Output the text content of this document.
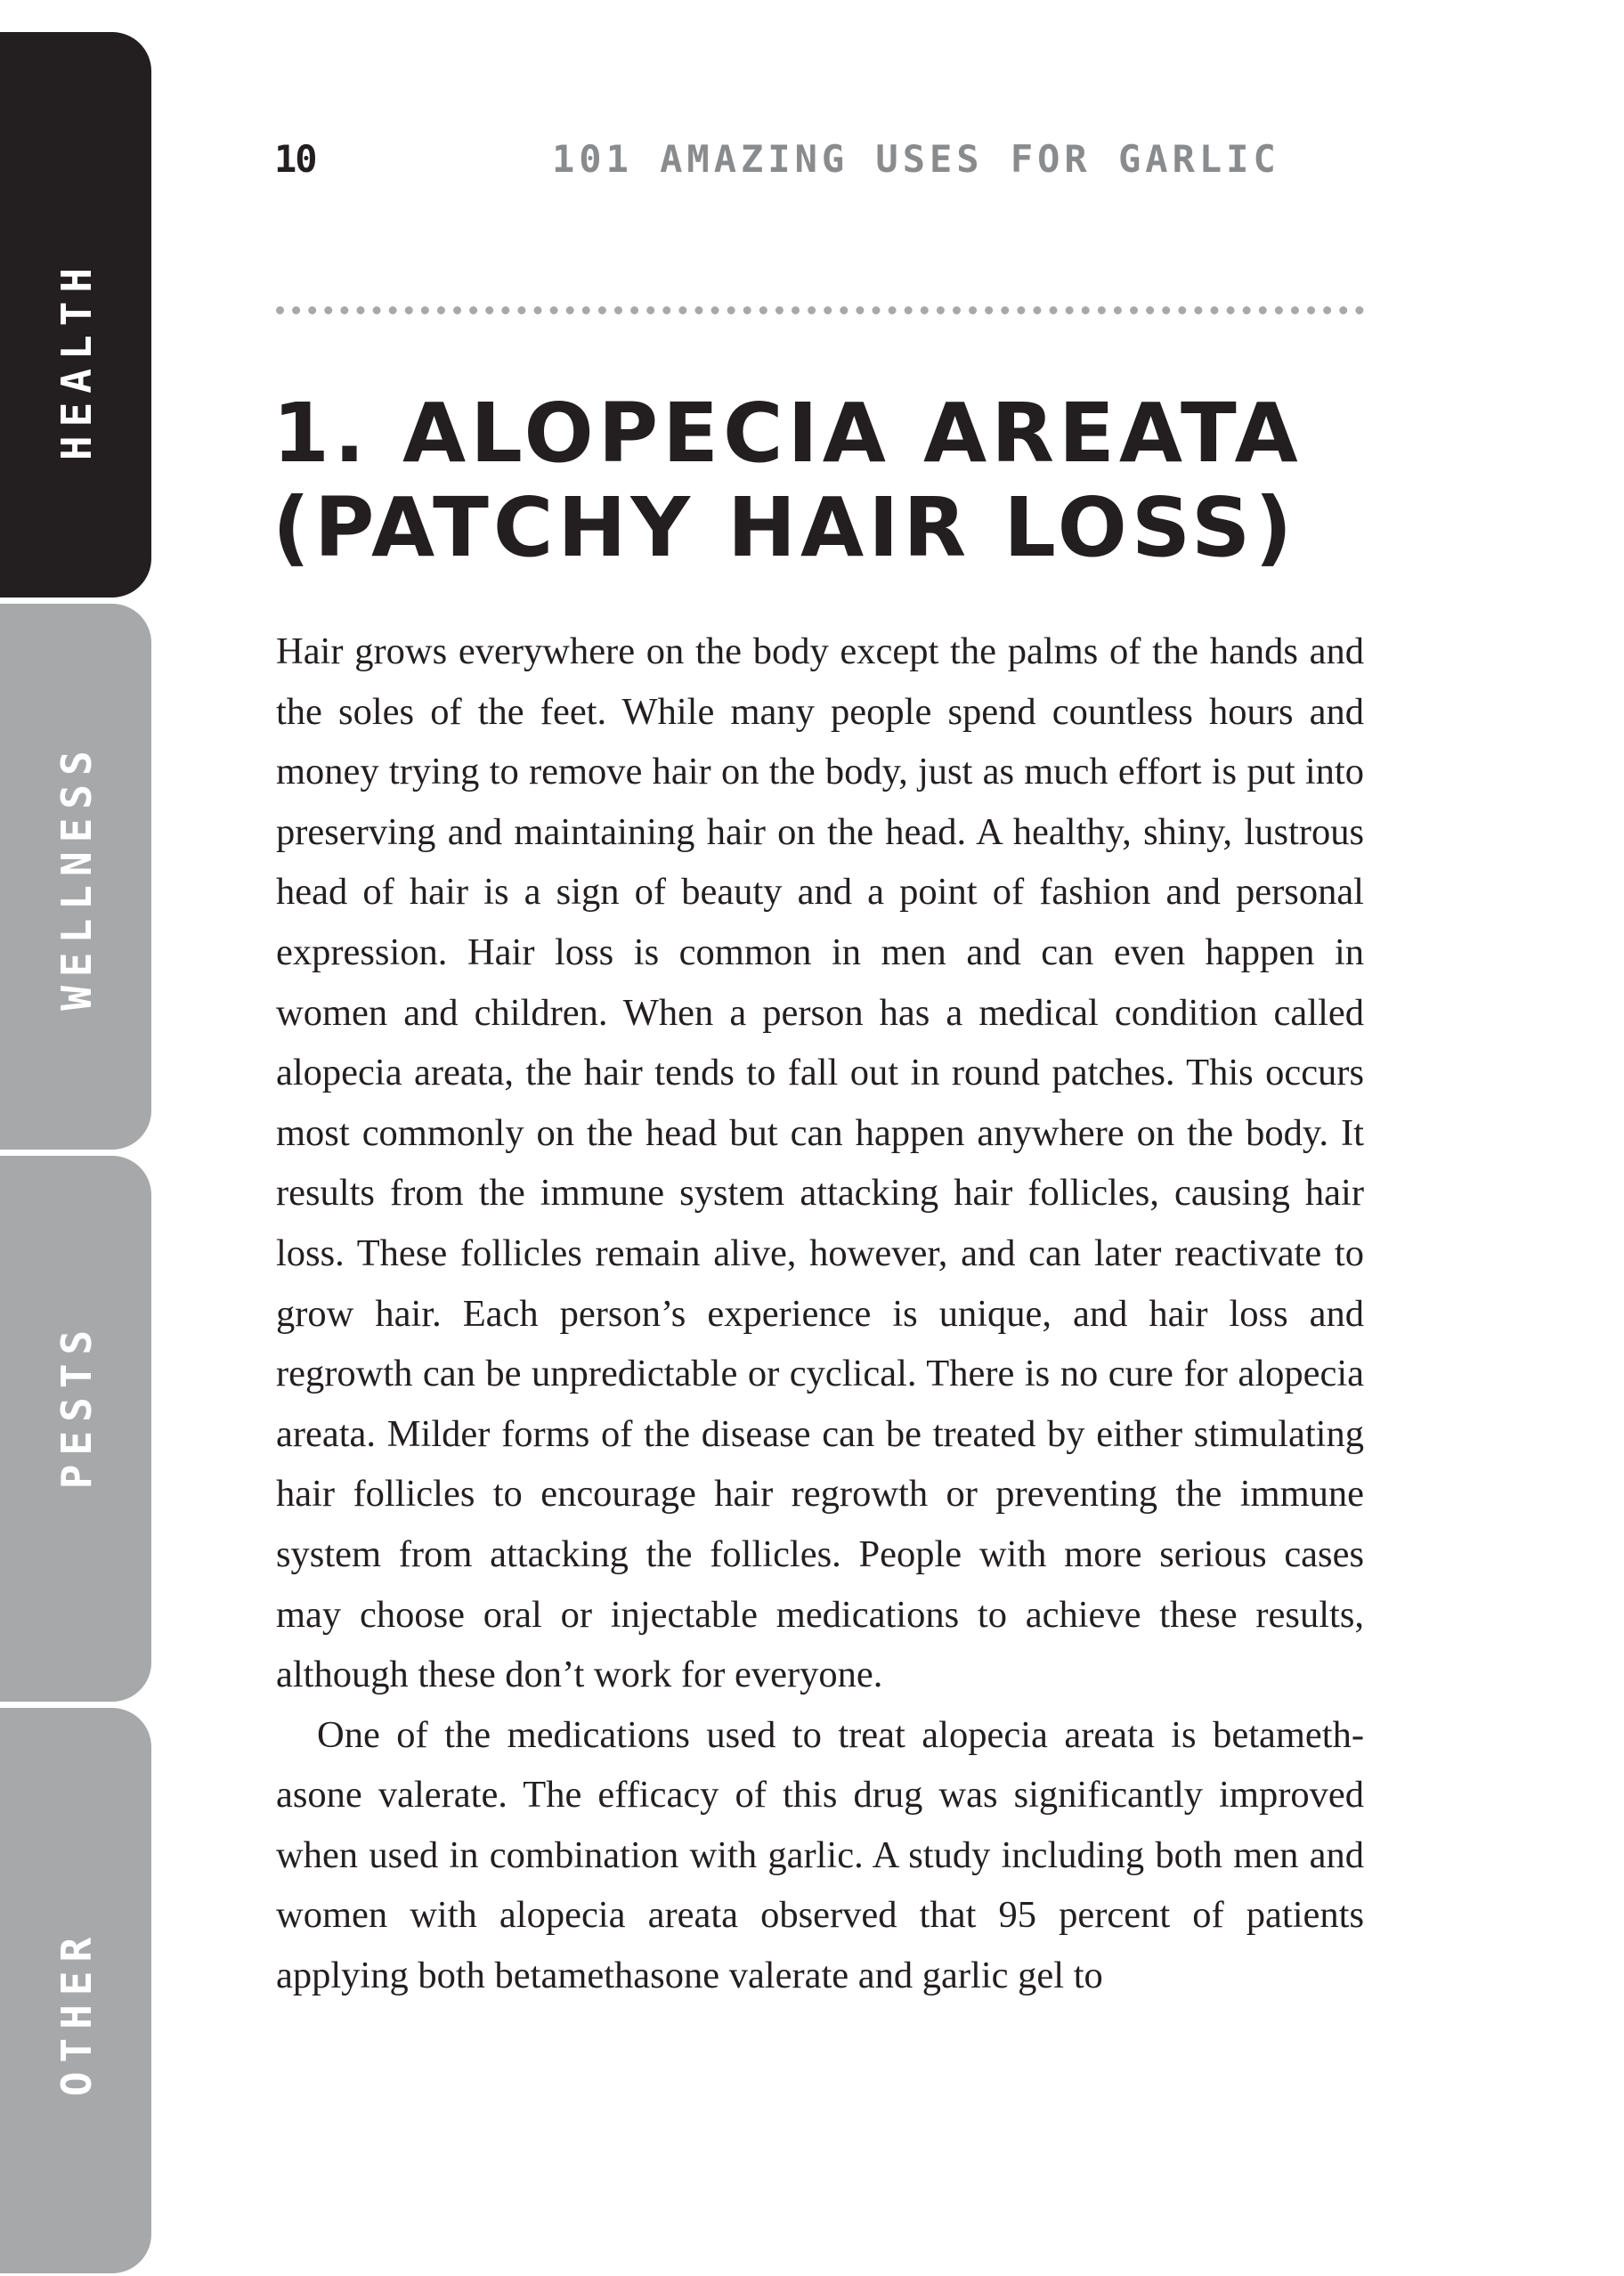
HEALTH
WELLNESS
PESTS
OTHER
10	101 AMAZING USES FOR GARLIC
1. ALOPECIA AREATA
(PATCHY HAIR LOSS)

Hair grows everywhere on the body except the palms of the hands and the soles of the feet. While many people spend countless hours and money trying to remove hair on the body, just as much effort is put into preserving and maintaining hair on the head. A healthy, shiny, lustrous head of hair is a sign of beauty and a point of fashion and personal expression. Hair loss is common in men and can even happen in women and children. When a person has a medical condition called alopecia areata, the hair tends to fall out in round patches. This occurs most commonly on the head but can happen anywhere on the body. It results from the immune system attacking hair follicles, causing hair loss. These follicles remain alive, however, and can later reactivate to grow hair. Each person’s experience is unique, and hair loss and regrowth can be unpredictable or cyclical. There is no cure for alopecia areata. Milder forms of the disease can be treated by either stimulating hair follicles to encourage hair regrowth or preventing the immune system from attacking the follicles. People with more serious cases may choose oral or injectable medications to achieve these results, although these don’t work for everyone.

One of the medications used to treat alopecia areata is betamethasone valerate. The efficacy of this drug was significantly improved when used in combination with garlic. A study including both men and women with alopecia areata observed that 95 percent of patients applying both betamethasone valerate and garlic gel to
